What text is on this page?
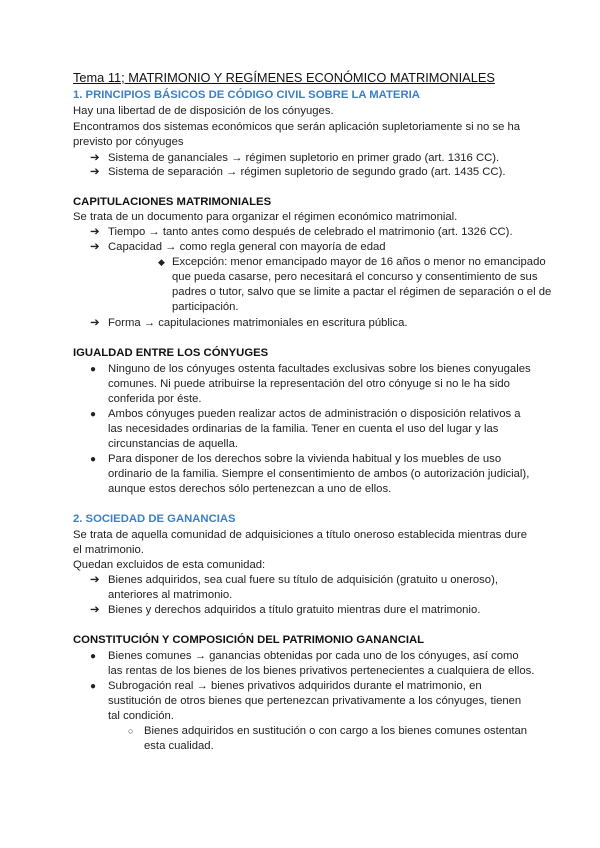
Tema 11; MATRIMONIO Y REGÍMENES ECONÓMICO MATRIMONIALES
1. PRINCIPIOS BÁSICOS DE CÓDIGO CIVIL SOBRE LA MATERIA
Hay una libertad de de disposición de los cónyuges.
Encontramos dos sistemas económicos que serán aplicación supletoriamente si no se ha
previsto por cónyuges
➔ Sistema de gananciales → régimen supletorio en primer grado (art. 1316 CC).
➔ Sistema de separación → régimen supletorio de segundo grado (art. 1435 CC).
CAPITULACIONES MATRIMONIALES
Se trata de un documento para organizar el régimen económico matrimonial.
➔ Tiempo → tanto antes como después de celebrado el matrimonio (art. 1326 CC).
➔ Capacidad → como regla general con mayoría de edad
◆ Excepción: menor emancipado mayor de 16 años o menor no emancipado
que pueda casarse, pero necesitará el concurso y consentimiento de sus
padres o tutor, salvo que se limite a pactar el régimen de separación o el de
participación.
➔ Forma → capitulaciones matrimoniales en escritura pública.
IGUALDAD ENTRE LOS CÓNYUGES
● Ninguno de los cónyuges ostenta facultades exclusivas sobre los bienes conyugales
comunes. Ni puede atribuirse la representación del otro cónyuge si no le ha sido
conferida por éste.
● Ambos cónyuges pueden realizar actos de administración o disposición relativos a
las necesidades ordinarias de la familia. Tener en cuenta el uso del lugar y las
circunstancias de aquella.
● Para disponer de los derechos sobre la vivienda habitual y los muebles de uso
ordinario de la familia. Siempre el consentimiento de ambos (o autorización judicial),
aunque estos derechos sólo pertenezcan a uno de ellos.
2. SOCIEDAD DE GANANCIAS
Se trata de aquella comunidad de adquisiciones a título oneroso establecida mientras dure
el matrimonio.
Quedan excluidos de esta comunidad:
➔ Bienes adquiridos, sea cual fuere su título de adquisición (gratuito u oneroso),
anteriores al matrimonio.
➔ Bienes y derechos adquiridos a título gratuito mientras dure el matrimonio.
CONSTITUCIÓN Y COMPOSICIÓN DEL PATRIMONIO GANANCIAL
● Bienes comunes → ganancias obtenidas por cada uno de los cónyuges, así como
las rentas de los bienes de los bienes privativos pertenecientes a cualquiera de ellos.
● Subrogación real → bienes privativos adquiridos durante el matrimonio, en
sustitución de otros bienes que pertenezcan privativamente a los cónyuges, tienen
tal condición.
○ Bienes adquiridos en sustitución o con cargo a los bienes comunes ostentan
esta cualidad.
